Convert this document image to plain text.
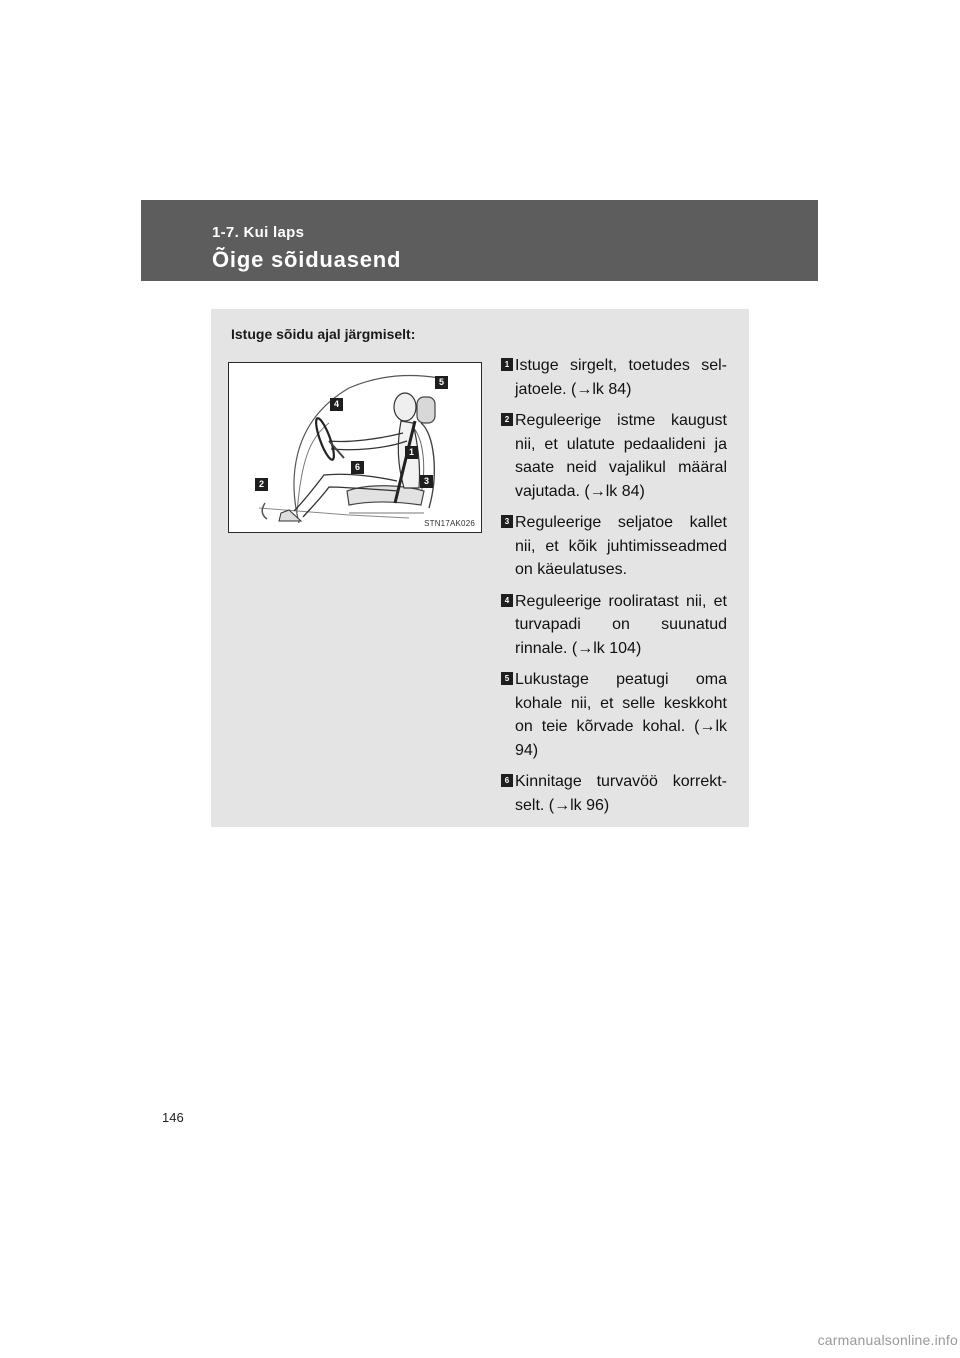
1-7. Kui laps
Õige sõiduasend
Istuge sõidu ajal järgmiselt:
5
4
1
6
3
2
STN17AK026
1 Istuge sirgelt, toetudes sel-jatoele. (→lk 84)
2 Reguleerige istme kaugust nii, et ulatute pedaalideni ja saate neid vajalikul määral vajutada. (→lk 84)
3 Reguleerige seljatoe kallet nii, et kõik juhtimisseadmed on käeulatuses.
4 Reguleerige rooliratast nii, et turvapadi on suunatud rinnale. (→lk 104)
5 Lukustage peatugi oma kohale nii, et selle keskkoht on teie kõrvade kohal. (→lk 94)
6 Kinnitage turvavöö korrekt-selt. (→lk 96)
146
carmanualsonline.info
